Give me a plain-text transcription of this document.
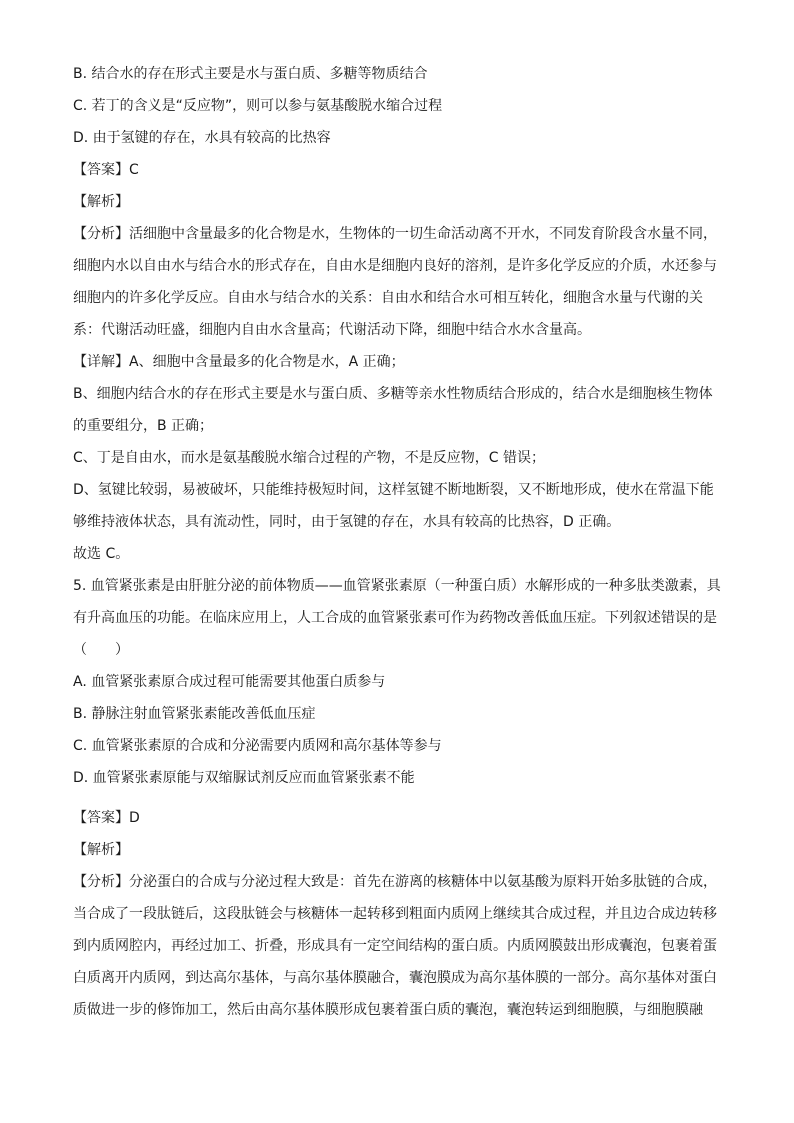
B. 结合水的存在形式主要是水与蛋白质、多糖等物质结合
C. 若丁的含义是“反应物”，则可以参与氨基酸脱水缩合过程
D. 由于氢键的存在，水具有较高的比热容
【答案】C
【解析】
【分析】活细胞中含量最多的化合物是水，生物体的一切生命活动离不开水，不同发育阶段含水量不同，
细胞内水以自由水与结合水的形式存在，自由水是细胞内良好的溶剂，是许多化学反应的介质，水还参与
细胞内的许多化学反应。自由水与结合水的关系：自由水和结合水可相互转化，细胞含水量与代谢的关
系：代谢活动旺盛，细胞内自由水含量高；代谢活动下降，细胞中结合水水含量高。
【详解】A、细胞中含量最多的化合物是水，A 正确；
B、细胞内结合水的存在形式主要是水与蛋白质、多糖等亲水性物质结合形成的，结合水是细胞核生物体
的重要组分，B 正确；
C、丁是自由水，而水是氨基酸脱水缩合过程的产物，不是反应物，C 错误；
D、氢键比较弱，易被破坏，只能维持极短时间，这样氢键不断地断裂，又不断地形成，使水在常温下能
够维持液体状态，具有流动性，同时，由于氢键的存在，水具有较高的比热容，D 正确。
故选 C。
5. 血管紧张素是由肝脏分泌的前体物质——血管紧张素原（一种蛋白质）水解形成的一种多肽类激素，具
有升高血压的功能。在临床应用上，人工合成的血管紧张素可作为药物改善低血压症。下列叙述错误的是
（　　）
A. 血管紧张素原合成过程可能需要其他蛋白质参与
B. 静脉注射血管紧张素能改善低血压症
C. 血管紧张素原的合成和分泌需要内质网和高尔基体等参与
D. 血管紧张素原能与双缩脲试剂反应而血管紧张素不能
【答案】D
【解析】
【分析】分泌蛋白的合成与分泌过程大致是：首先在游离的核糖体中以氨基酸为原料开始多肽链的合成，
当合成了一段肽链后，这段肽链会与核糖体一起转移到粗面内质网上继续其合成过程，并且边合成边转移
到内质网腔内，再经过加工、折叠，形成具有一定空间结构的蛋白质。内质网膜鼓出形成囊泡，包裹着蛋
白质离开内质网，到达高尔基体，与高尔基体膜融合，囊泡膜成为高尔基体膜的一部分。高尔基体对蛋白
质做进一步的修饰加工，然后由高尔基体膜形成包裹着蛋白质的囊泡，囊泡转运到细胞膜，与细胞膜融
